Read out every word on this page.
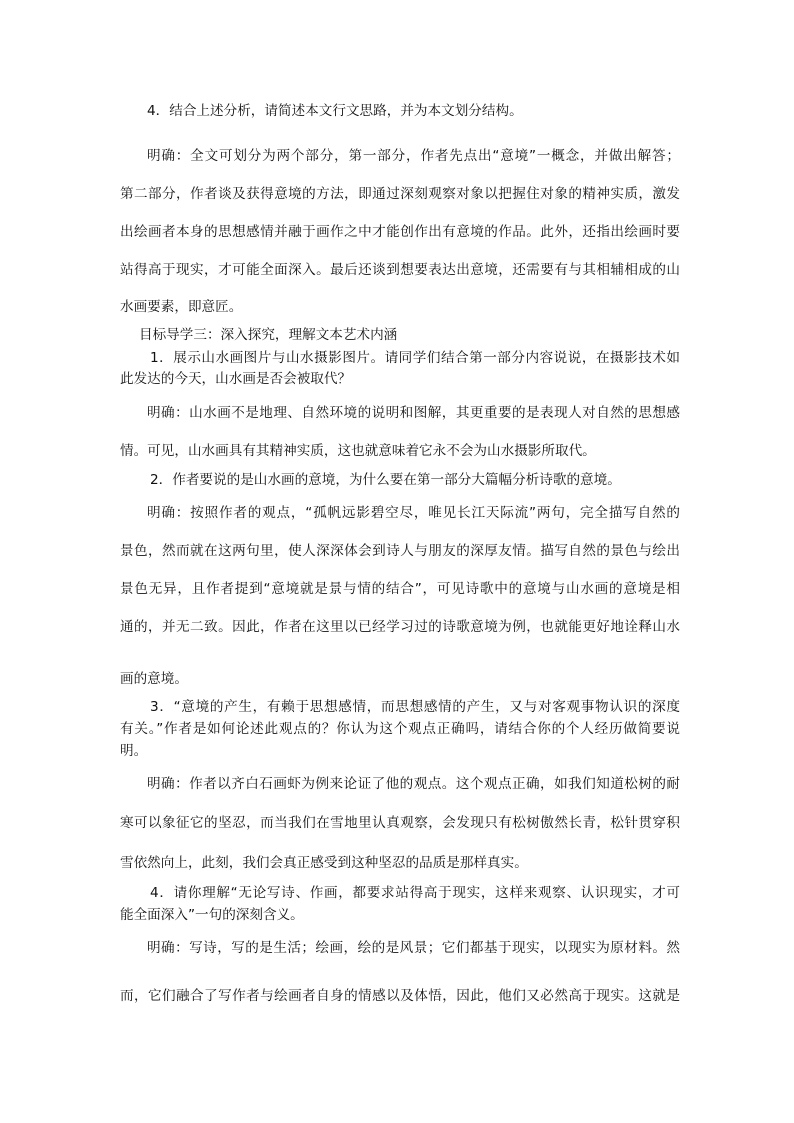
4．结合上述分析，请简述本文行文思路，并为本文划分结构。
明确：全文可划分为两个部分，第一部分，作者先点出“意境”一概念，并做出解答；
第二部分，作者谈及获得意境的方法，即通过深刻观察对象以把握住对象的精神实质，激发
出绘画者本身的思想感情并融于画作之中才能创作出有意境的作品。此外，还指出绘画时要
站得高于现实，才可能全面深入。最后还谈到想要表达出意境，还需要有与其相辅相成的山
水画要素，即意匠。
目标导学三：深入探究，理解文本艺术内涵
1．展示山水画图片与山水摄影图片。请同学们结合第一部分内容说说，在摄影技术如
此发达的今天，山水画是否会被取代？
明确：山水画不是地理、自然环境的说明和图解，其更重要的是表现人对自然的思想感
情。可见，山水画具有其精神实质，这也就意味着它永不会为山水摄影所取代。
2．作者要说的是山水画的意境，为什么要在第一部分大篇幅分析诗歌的意境。
明确：按照作者的观点，“孤帆远影碧空尽，唯见长江天际流”两句，完全描写自然的
景色，然而就在这两句里，使人深深体会到诗人与朋友的深厚友情。描写自然的景色与绘出
景色无异，且作者提到“意境就是景与情的结合”，可见诗歌中的意境与山水画的意境是相
通的，并无二致。因此，作者在这里以已经学习过的诗歌意境为例，也就能更好地诠释山水
画的意境。
3．“意境的产生，有赖于思想感情，而思想感情的产生，又与对客观事物认识的深度
有关。”作者是如何论述此观点的？你认为这个观点正确吗，请结合你的个人经历做简要说
明。
明确：作者以齐白石画虾为例来论证了他的观点。这个观点正确，如我们知道松树的耐
寒可以象征它的坚忍，而当我们在雪地里认真观察，会发现只有松树傲然长青，松针贯穿积
雪依然向上，此刻，我们会真正感受到这种坚忍的品质是那样真实。
4．请你理解“无论写诗、作画，都要求站得高于现实，这样来观察、认识现实，才可
能全面深入”一句的深刻含义。
明确：写诗，写的是生活；绘画，绘的是风景；它们都基于现实，以现实为原材料。然
而，它们融合了写作者与绘画者自身的情感以及体悟，因此，他们又必然高于现实。这就是
